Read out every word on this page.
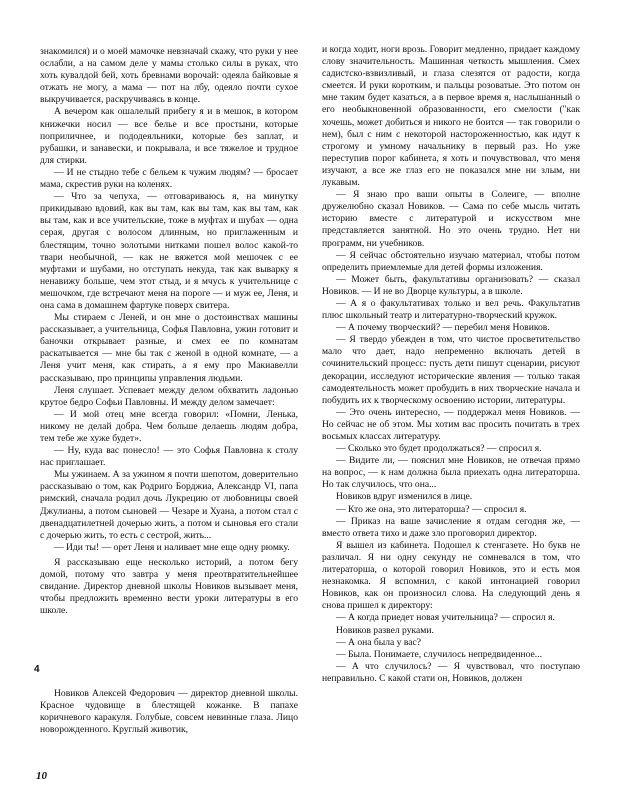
знакомился) и о моей мамочке невзначай скажу, что руки у нее ослабли, а на самом деле у мамы столько силы в руках, что хоть кувалдой бей, хоть бревнами ворочай: одеяла байковые я отжать не могу, а мама — пот на лбу, одеяло почти сухое выкручивается, раскручиваясь в конце.

А вечером как ошалелый прибегу я и в мешок, в котором книжечки носил — все белье и все простыни, которые поприличнее, и пододеяльники, которые без заплат, и рубашки, и занавески, и покрывала, и все тяжелое и трудное для стирки.

— И не стыдно тебе с бельем к чужим людям? — бросает мама, скрестив руки на коленях.

— Что за чепуха, — отговариваюсь я, на минутку прикидываю вдовий, как вы там, как вы там, как вы там, как вы там, как и все учительские, тоже в муфтах и шубах — одна серая, другая с волосом длинным, но приглаженным и блестящим, точно золотыми нитками пошел волос какой-то твари необычной, — как не вяжется мой мешочек с ее муфтами и шубами, но отступать некуда, так как выварку я ненавижу больше, чем этот стыд, и я мчусь к учительнице с мешочком, где встречают меня на пороге — и муж ее, Леня, и она сама в домашнем фартуке поверх свитера.

Мы стираем с Леней, и он мне о достоинствах машины рассказывает, а учительница, Софья Павловна, ужин готовит и баночки открывает разные, и смех ее по комнатам раскатывается — мне бы так с женой в одной комнате, — а Леня учит меня, как стирать, а я ему про Макиавелли рассказываю, про принципы управления людьми.

Леня слушает. Успевает между делом обхватить ладонью крутое бедро Софьи Павловны. И между делом замечает:

— И мой отец мне всегда говорил: «Помни, Ленька, никому не делай добра. Чем больше делаешь людям добра, тем тебе же хуже будет».

— Ну, куда вас понесло! — это Софья Павловна к столу нас приглашает.

Мы ужинаем. А за ужином я почти шепотом, доверительно рассказываю о том, как Родриго Борджиа, Александр VI, папа римский, сначала родил дочь Лукрецию от любовницы своей Джулианы, а потом сыновей — Чезаре и Хуана, а потом стал с двенадцатилетней дочерью жить, а потом и сыновья его стали с дочерью жить, то есть с сестрой, жить...

— Иди ты! — орет Леня и наливает мне еще одну рюмку.

Я рассказываю еще несколько историй, а потом бегу домой, потому что завтра у меня преотвратительнейшее свидание. Директор дневной школы Новиков вызывает меня, чтобы предложить временно вести уроки литературы в его школе.

4

Новиков Алексей Федорович — директор дневной школы. Красное чудовище в блестящей кожанке. В папахе коричневого каракуля. Голубые, совсем невинные глаза. Лицо новорожденного. Круглый животик,

и когда ходит, ноги врозь. Говорит медленно, придает каждому слову значительность. Машинная четкость мышления. Смех садистско-взвизливый, и глаза слезятся от радости, когда смеется. И руки коротким, и пальцы розоватые. Это потом он мне таким будет казаться, а в первое время я, наслышанный о его необыкновенной образованности, его смелости ("как хочешь, может добиться и никого не боится — так говорили о нем), был с ним с некоторой настороженностью, как идут к строгому и умному начальнику в первый раз. Но уже переступив порог кабинета, я хоть и почувствовал, что меня изучают, а все же глаз его не показался мне ни злым, ни лукавым.

— Я знаю про ваши опыты в Солеиге, — вполне дружелюбно сказал Новиков. — Сама по себе мысль читать историю вместе с литературой и искусством мне представляется занятной. Но это очень трудно. Нет ни программ, ни учебников.

— Я сейчас обстоятельно изучаю материал, чтобы потом определить приемлемые для детей формы изложения.

— Может быть, факультативы организовать? — сказал Новиков. — И не во Дворце культуры, а в школе.

— А я о факультативах только и вел речь. Факультатив плюс школьный театр и литературно-творческий кружок.

— А почему творческий? — перебил меня Новиков.

— Я твердо убежден в том, что чистое просветительство мало что дает, надо непременно включать детей в сочинительский процесс: пусть дети пишут сценарии, рисуют декорации, исследуют исторические явления — только такая самодеятельность может пробудить в них творческие начала и побудить их к творческому освоению истории, литературы.

— Это очень интересно, — поддержал меня Новиков. — Но сейчас не об этом. Мы хотим вас просить почитать в трех восьмых классах литературу.

— Сколько это будет продолжаться? — спросил я.

— Видите ли, — пояснил мне Новиков, не отвечая прямо на вопрос, — к нам должна была приехать одна литераторша. Но так случилось, что она...

Новиков вдруг изменился в лице.

— Кто же она, это литераторша? — спросил я.

— Приказ на ваше зачисление я отдам сегодня же, — вместо ответа тихо и даже зло проговорил директор.

Я вышел из кабинета. Подошел к стенгазете. Но букв не различал. Я ни одну секунду не сомневался в том, что литераторша, о которой говорил Новиков, это и есть моя незнакомка. Я вспомнил, с какой интонацией говорил Новиков, как он произносил слова. На следующий день я снова пришел к директору:

— А когда приедет новая учительница? — спросил я.

Новиков развел руками.

— А она была у вас?

— Была. Понимаете, случилось непредвиденное...

— А что случилось? — Я чувствовал, что поступаю неправильно. С какой стати он, Новиков, должен

10
